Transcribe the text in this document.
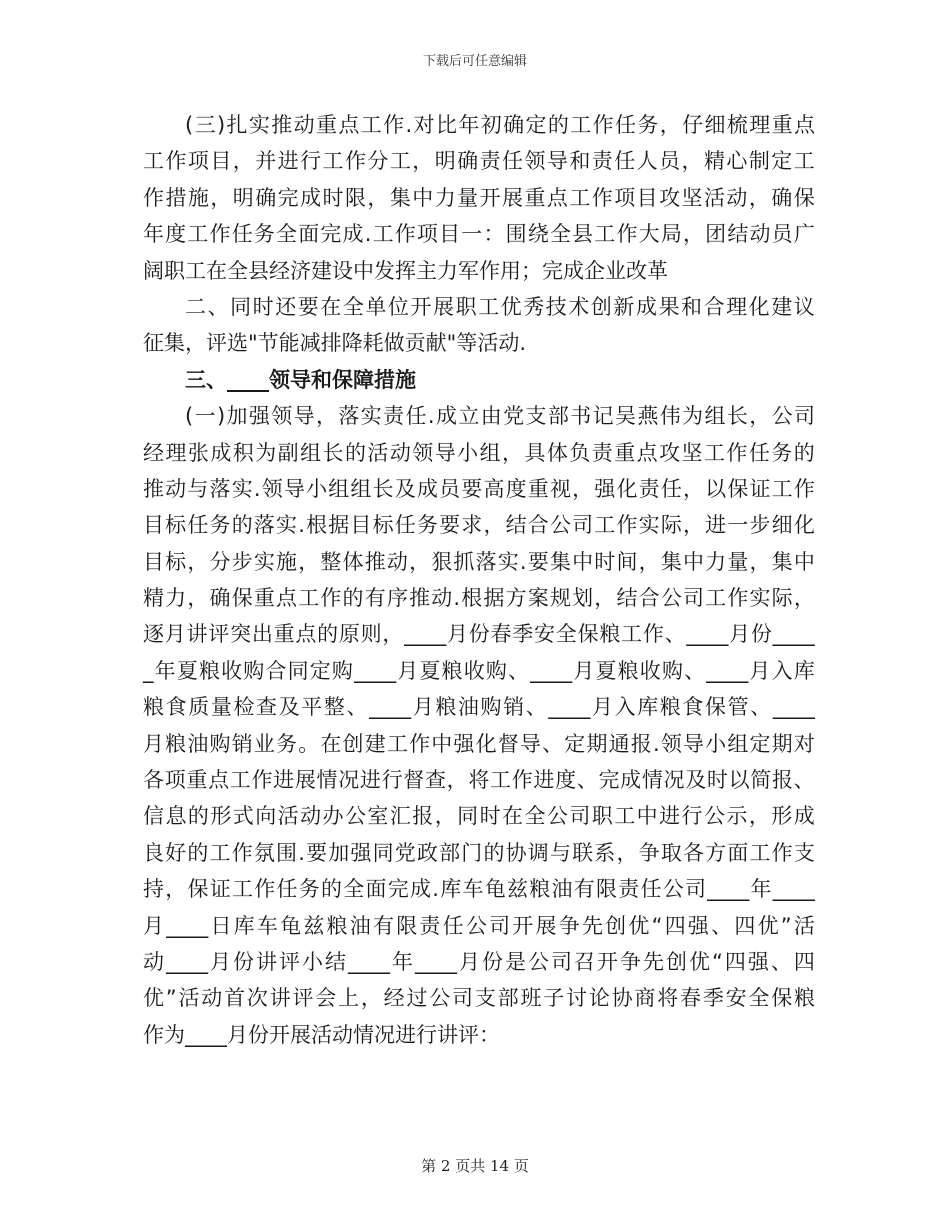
下载后可任意编辑
( 三 ) 扎 实 推 动 重 点 工 作 . 对 比 年 初 确 定 的 工 作 任 务 ， 仔 细 梳 理 重 点
工 作 项 目 ， 并 进 行 工 作 分 工 ， 明 确 责 任 领 导 和 责 任 人 员 ， 精 心 制 定 工
作 措 施 ， 明 确 完 成 时 限 ， 集 中 力 量 开 展 重 点 工 作 项 目 攻 坚 活 动 ， 确 保
年 度 工 作 任 务 全 面 完 成 . 工 作 项 目 一 ： 围 绕 全 县 工 作 大 局 ， 团 结 动 员 广
阔 职 工 在 全 县 经 济 建 设 中 发 挥 主 力 军 作 用 ； 完 成 企 业 改 革
二 、 同 时 还 要 在 全 单 位 开 展 职 工 优 秀 技 术 创 新 成 果 和 合 理 化 建 议
征 集 ， 评 选 " 节 能 减 排 降 耗 做 贡 献 " 等 活 动 .
三 、 ____ 领 导 和 保 障 措 施
( 一 ) 加 强 领 导 ， 落 实 责 任 . 成 立 由 党 支 部 书 记 吴 燕 伟 为 组 长 ， 公 司
经 理 张 成 积 为 副 组 长 的 活 动 领 导 小 组 ， 具 体 负 责 重 点 攻 坚 工 作 任 务 的
推 动 与 落 实 . 领 导 小 组 组 长 及 成 员 要 高 度 重 视 ， 强 化 责 任 ， 以 保 证 工 作
目 标 任 务 的 落 实 . 根 据 目 标 任 务 要 求 ， 结 合 公 司 工 作 实 际 ， 进 一 步 细 化
目 标 ， 分 步 实 施 ， 整 体 推 动 ， 狠 抓 落 实 . 要 集 中 时 间 ， 集 中 力 量 ， 集 中
精 力 ， 确 保 重 点 工 作 的 有 序 推 动 . 根 据 方 案 规 划 ， 结 合 公 司 工 作 实 际 ，
逐 月 讲 评 突 出 重 点 的 原 则 ， ____ 月 份 春 季 安 全 保 粮 工 作 、 ____ 月 份 ____
_ 年 夏 粮 收 购 合 同 定 购 ____ 月 夏 粮 收 购 、 ____ 月 夏 粮 收 购 、 ____ 月 入 库
粮 食 质 量 检 查 及 平 整 、 ____ 月 粮 油 购 销 、 ____ 月 入 库 粮 食 保 管 、 ____
月 粮 油 购 销 业 务 。 在 创 建 工 作 中 强 化 督 导 、 定 期 通 报 . 领 导 小 组 定 期 对
各 项 重 点 工 作 进 展 情 况 进 行 督 查 ， 将 工 作 进 度 、 完 成 情 况 及 时 以 简 报 、
信 息 的 形 式 向 活 动 办 公 室 汇 报 ， 同 时 在 全 公 司 职 工 中 进 行 公 示 ， 形 成
良 好 的 工 作 氛 围 . 要 加 强 同 党 政 部 门 的 协 调 与 联 系 ， 争 取 各 方 面 工 作 支
持 ， 保 证 工 作 任 务 的 全 面 完 成 . 库 车 龟 兹 粮 油 有 限 责 任 公 司 ____ 年 ____
月 ____ 日 库 车 龟 兹 粮 油 有 限 责 任 公 司 开 展 争 先 创 优 “ 四 强 、 四 优 ” 活
动 ____ 月 份 讲 评 小 结 ____ 年 ____ 月 份 是 公 司 召 开 争 先 创 优 “ 四 强 、 四
优 ” 活 动 首 次 讲 评 会 上 ， 经 过 公 司 支 部 班 子 讨 论 协 商 将 春 季 安 全 保 粮
作 为 ____ 月 份 开 展 活 动 情 况 进 行 讲 评 ：
第 2 页共 14 页
